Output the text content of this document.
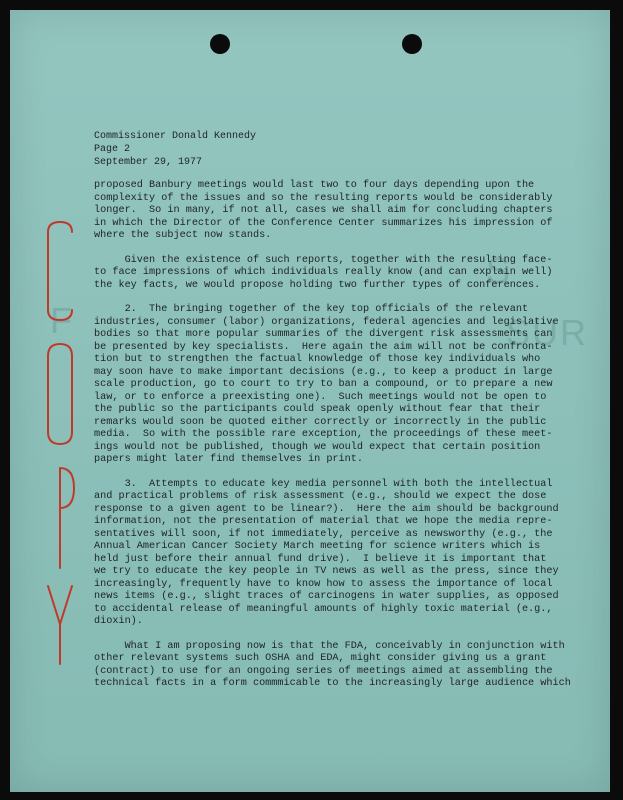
S
SUR
F
Commissioner Donald Kennedy
Page 2
September 29, 1977

proposed Banbury meetings would last two to four days depending upon the
complexity of the issues and so the resulting reports would be considerably
longer.  So in many, if not all, cases we shall aim for concluding chapters
in which the Director of the Conference Center summarizes his impression of
where the subject now stands.

Given the existence of such reports, together with the resulting face-
to face impressions of which individuals really know (and can explain well)
the key facts, we would propose holding two further types of conferences.

2.  The bringing together of the key top officials of the relevant
industries, consumer (labor) organizations, federal agencies and legislative
bodies so that more popular summaries of the divergent risk assessments can
be presented by key specialists.  Here again the aim will not be confronta-
tion but to strengthen the factual knowledge of those key individuals who
may soon have to make important decisions (e.g., to keep a product in large
scale production, go to court to try to ban a compound, or to prepare a new
law, or to enforce a preexisting one).  Such meetings would not be open to
the public so the participants could speak openly without fear that their
remarks would soon be quoted either correctly or incorrectly in the public
media.  So with the possible rare exception, the proceedings of these meet-
ings would not be published, though we would expect that certain position
papers might later find themselves in print.

3.  Attempts to educate key media personnel with both the intellectual
and practical problems of risk assessment (e.g., should we expect the dose
response to a given agent to be linear?).  Here the aim should be background
information, not the presentation of material that we hope the media repre-
sentatives will soon, if not immediately, perceive as newsworthy (e.g., the
Annual American Cancer Society March meeting for science writers which is
held just before their annual fund drive).  I believe it is important that
we try to educate the key people in TV news as well as the press, since they
increasingly, frequently have to know how to assess the importance of local
news items (e.g., slight traces of carcinogens in water supplies, as opposed
to accidental release of meaningful amounts of highly toxic material (e.g.,
dioxin).

What I am proposing now is that the FDA, conceivably in conjunction with
other relevant systems such OSHA and EDA, might consider giving us a grant
(contract) to use for an ongoing series of meetings aimed at assembling the
technical facts in a form commmicable to the increasingly large audience which
